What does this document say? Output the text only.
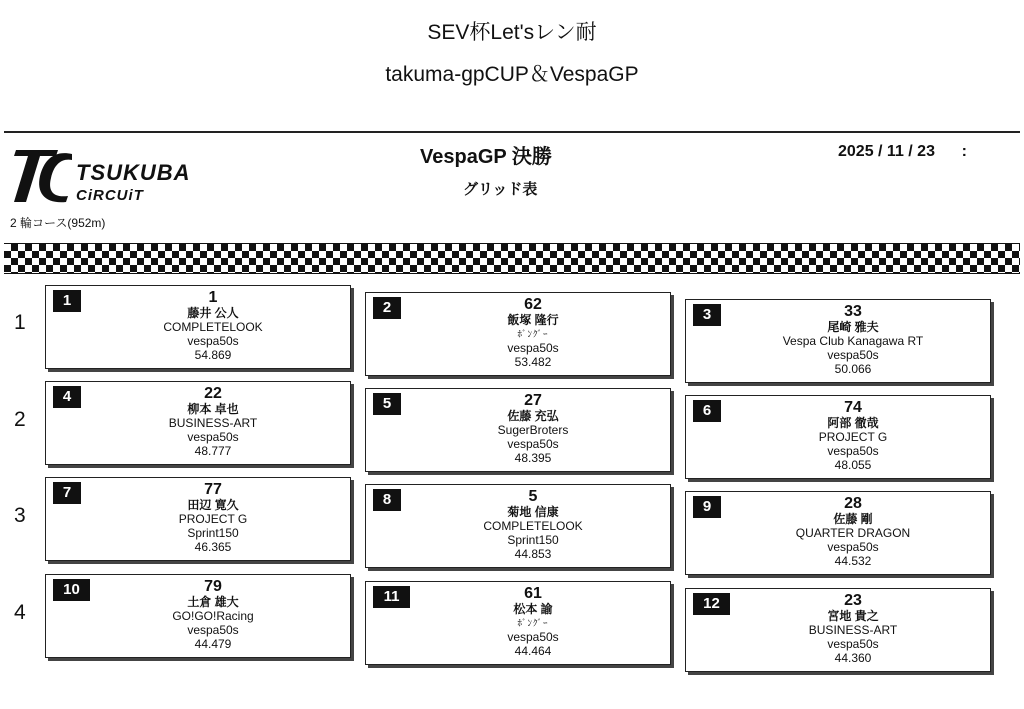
SEV杯Let'sレン耐
takuma-gpCUP＆VespaGP
TSUKUBA
CiRCUiT
2 輪コース(952m)
VespaGP 決勝
グリッド表
2025 / 11 / 23      :
1
2
3
4
1	1
藤井 公人
COMPLETELOOK
vespa50s
54.869
2	62
飯塚 隆行
ﾎﾞﾝｸﾞｰ
vespa50s
53.482
3	33
尾崎 雅夫
Vespa Club Kanagawa RT
vespa50s
50.066
4	22
柳本 卓也
BUSINESS-ART
vespa50s
48.777
5	27
佐藤 充弘
SugerBroters
vespa50s
48.395
6	74
阿部 徹哉
PROJECT G
vespa50s
48.055
7	77
田辺 寛久
PROJECT G
Sprint150
46.365
8	5
菊地 信康
COMPLETELOOK
Sprint150
44.853
9	28
佐藤 剛
QUARTER DRAGON
vespa50s
44.532
10	79
土倉 雄大
GO!GO!Racing
vespa50s
44.479
11	61
松本 諭
ﾎﾞﾝｸﾞｰ
vespa50s
44.464
12	23
宮地 貴之
BUSINESS-ART
vespa50s
44.360
